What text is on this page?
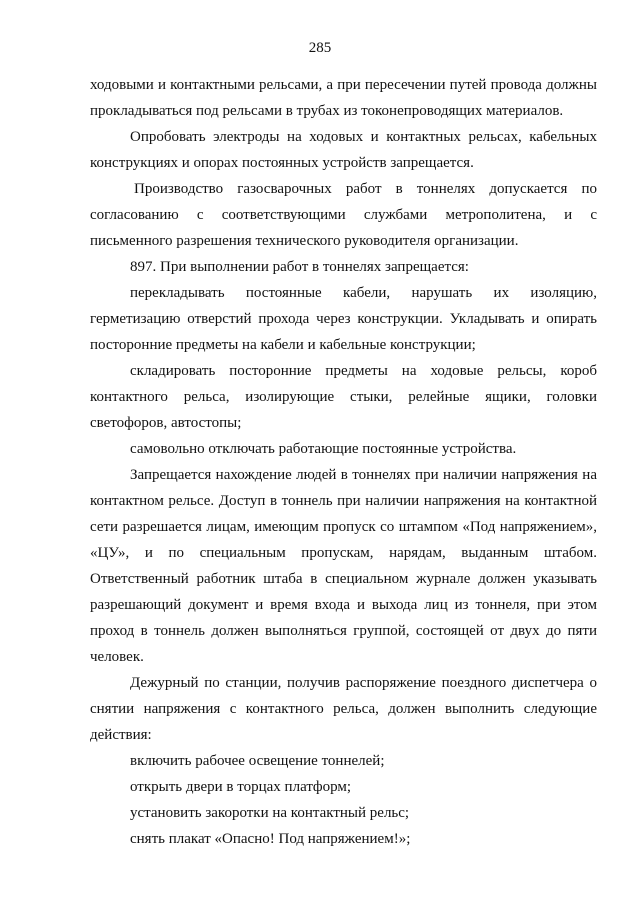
285

ходовыми и контактными рельсами, а при пересечении путей провода должны
прокладываться под рельсами в трубах из токонепроводящих материалов.

Опробовать электроды на ходовых и контактных рельсах, кабельных
конструкциях и опорах постоянных устройств запрещается.

Производство газосварочных работ в тоннелях допускается по
согласованию с соответствующими службами метрополитена, и с
письменного разрешения технического руководителя организации.

897. При выполнении работ в тоннелях запрещается:

перекладывать постоянные кабели, нарушать их изоляцию,
герметизацию отверстий прохода через конструкции. Укладывать и опирать
посторонние предметы на кабели и кабельные конструкции;

складировать посторонние предметы на ходовые рельсы, короб
контактного рельса, изолирующие стыки, релейные ящики, головки
светофоров, автостопы;

самовольно отключать работающие постоянные устройства.

Запрещается нахождение людей в тоннелях при наличии напряжения на
контактном рельсе. Доступ в тоннель при наличии напряжения на контактной
сети разрешается лицам, имеющим пропуск со штампом «Под напряжением»,
«ЦУ», и по специальным пропускам, нарядам, выданным штабом.
Ответственный работник штаба в специальном журнале должен указывать
разрешающий документ и время входа и выхода лиц из тоннеля, при этом
проход в тоннель должен выполняться группой, состоящей от двух до пяти
человек.

Дежурный по станции, получив распоряжение поездного диспетчера о
снятии напряжения с контактного рельса, должен выполнить следующие
действия:

включить рабочее освещение тоннелей;

открыть двери в торцах платформ;

установить закоротки на контактный рельс;

снять плакат «Опасно! Под напряжением!»;
